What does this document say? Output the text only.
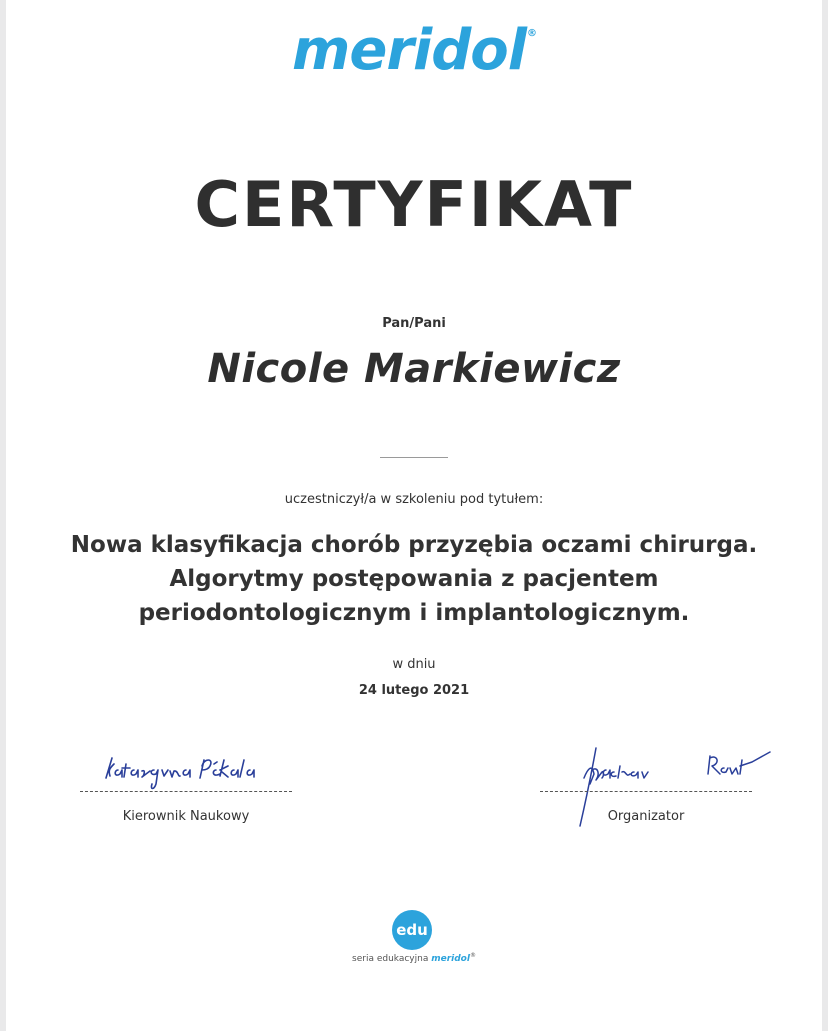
meridol®
CERTYFIKAT
Pan/Pani
Nicole Markiewicz
uczestniczył/a w szkoleniu pod tytułem:
Nowa klasyfikacja chorób przyzębia oczami chirurga.
Algorytmy postępowania z pacjentem
periodontologicznym i implantologicznym.
w dniu
24 lutego 2021
Kierownik Naukowy	Organizator
edu
seria edukacyjna meridol®
